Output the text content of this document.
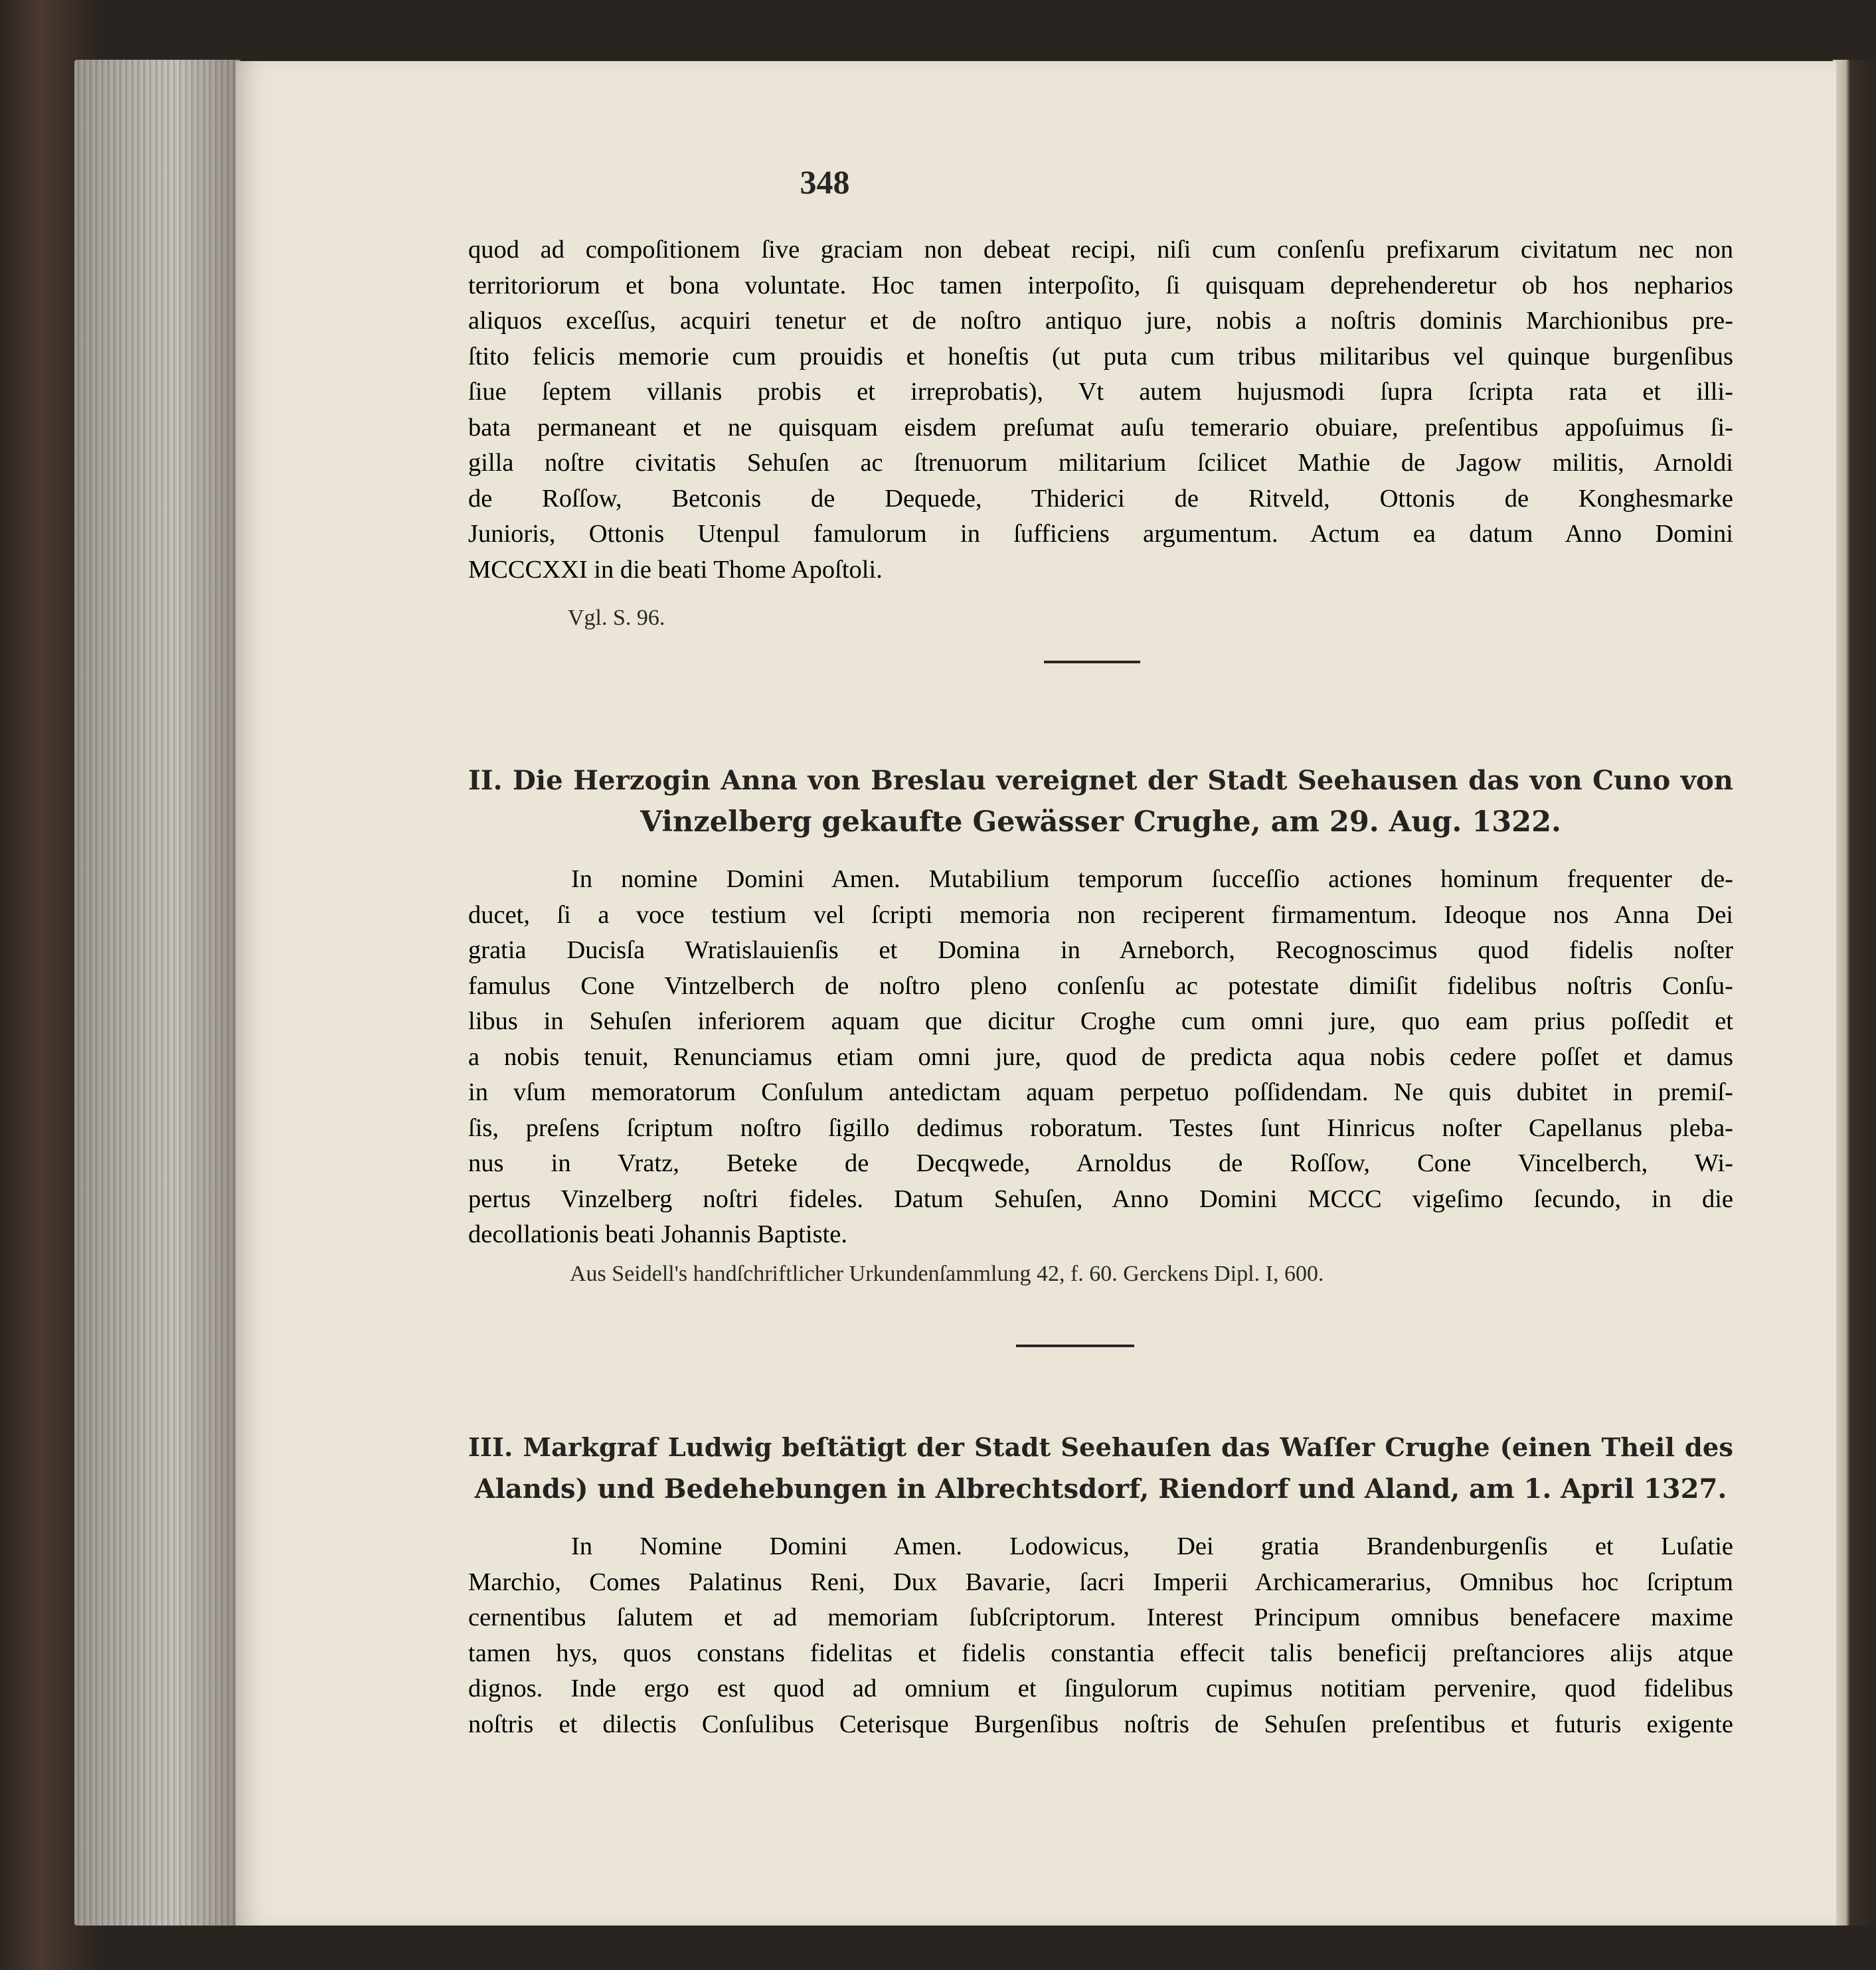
348
quod ad compoſitionem ſive graciam non debeat recipi, niſi cum conſenſu prefixarum civitatum nec non
territoriorum et bona voluntate. Hoc tamen interpoſito, ſi quisquam deprehenderetur ob hos nepharios
aliquos exceſſus, acquiri tenetur et de noſtro antiquo jure, nobis a noſtris dominis Marchionibus pre-
ſtito felicis memorie cum prouidis et honeſtis (ut puta cum tribus militaribus vel quinque burgenſibus
ſiue ſeptem villanis probis et irreprobatis), Vt autem hujusmodi ſupra ſcripta rata et illi-
bata permaneant et ne quisquam eisdem preſumat auſu temerario obuiare, preſentibus appoſuimus ſi-
gilla noſtre civitatis Sehuſen ac ſtrenuorum militarium ſcilicet Mathie de Jagow militis, Arnoldi
de Roſſow, Betconis de Dequede, Thiderici de Ritveld, Ottonis de Konghesmarke
Junioris, Ottonis Utenpul famulorum in ſufficiens argumentum. Actum ea datum Anno Domini
MCCCXXI in die beati Thome Apoſtoli.
Vgl. S. 96.
II. Die Herzogin Anna von Breslau vereignet der Stadt Seehausen das von Cuno von
Vinzelberg gekaufte Gewässer Crughe, am 29. Aug. 1322.
In nomine Domini Amen. Mutabilium temporum ſucceſſio actiones hominum frequenter de-
ducet, ſi a voce testium vel ſcripti memoria non reciperent firmamentum. Ideoque nos Anna Dei
gratia Ducisſa Wratislauienſis et Domina in Arneborch, Recognoscimus quod fidelis noſter
famulus Cone Vintzelberch de noſtro pleno conſenſu ac potestate dimiſit fidelibus noſtris Conſu-
libus in Sehuſen inferiorem aquam que dicitur Croghe cum omni jure, quo eam prius poſſedit et
a nobis tenuit, Renunciamus etiam omni jure, quod de predicta aqua nobis cedere poſſet et damus
in vſum memoratorum Conſulum antedictam aquam perpetuo poſſidendam. Ne quis dubitet in premiſ-
ſis, preſens ſcriptum noſtro ſigillo dedimus roboratum. Testes ſunt Hinricus noſter Capellanus pleba-
nus in Vratz, Beteke de Decqwede, Arnoldus de Roſſow, Cone Vincelberch, Wi-
pertus Vinzelberg noſtri fideles. Datum Sehuſen, Anno Domini MCCC vigeſimo ſecundo, in die
decollationis beati Johannis Baptiste.
Aus Seidell's handſchriftlicher Urkundenſammlung 42, f. 60. Gerckens Dipl. I, 600.
III. Markgraf Ludwig beſtätigt der Stadt Seehauſen das Waſſer Crughe (einen Theil des
Alands) und Bedehebungen in Albrechtsdorf, Riendorf und Aland, am 1. April 1327.
In Nomine Domini Amen. Lodowicus, Dei gratia Brandenburgenſis et Luſatie
Marchio, Comes Palatinus Reni, Dux Bavarie, ſacri Imperii Archicamerarius, Omnibus hoc ſcriptum
cernentibus ſalutem et ad memoriam ſubſcriptorum. Interest Principum omnibus benefacere maxime
tamen hys, quos constans fidelitas et fidelis constantia effecit talis beneficij preſtanciores alijs atque
dignos. Inde ergo est quod ad omnium et ſingulorum cupimus notitiam pervenire, quod fidelibus
noſtris et dilectis Conſulibus Ceterisque Burgenſibus noſtris de Sehuſen preſentibus et futuris exigente
